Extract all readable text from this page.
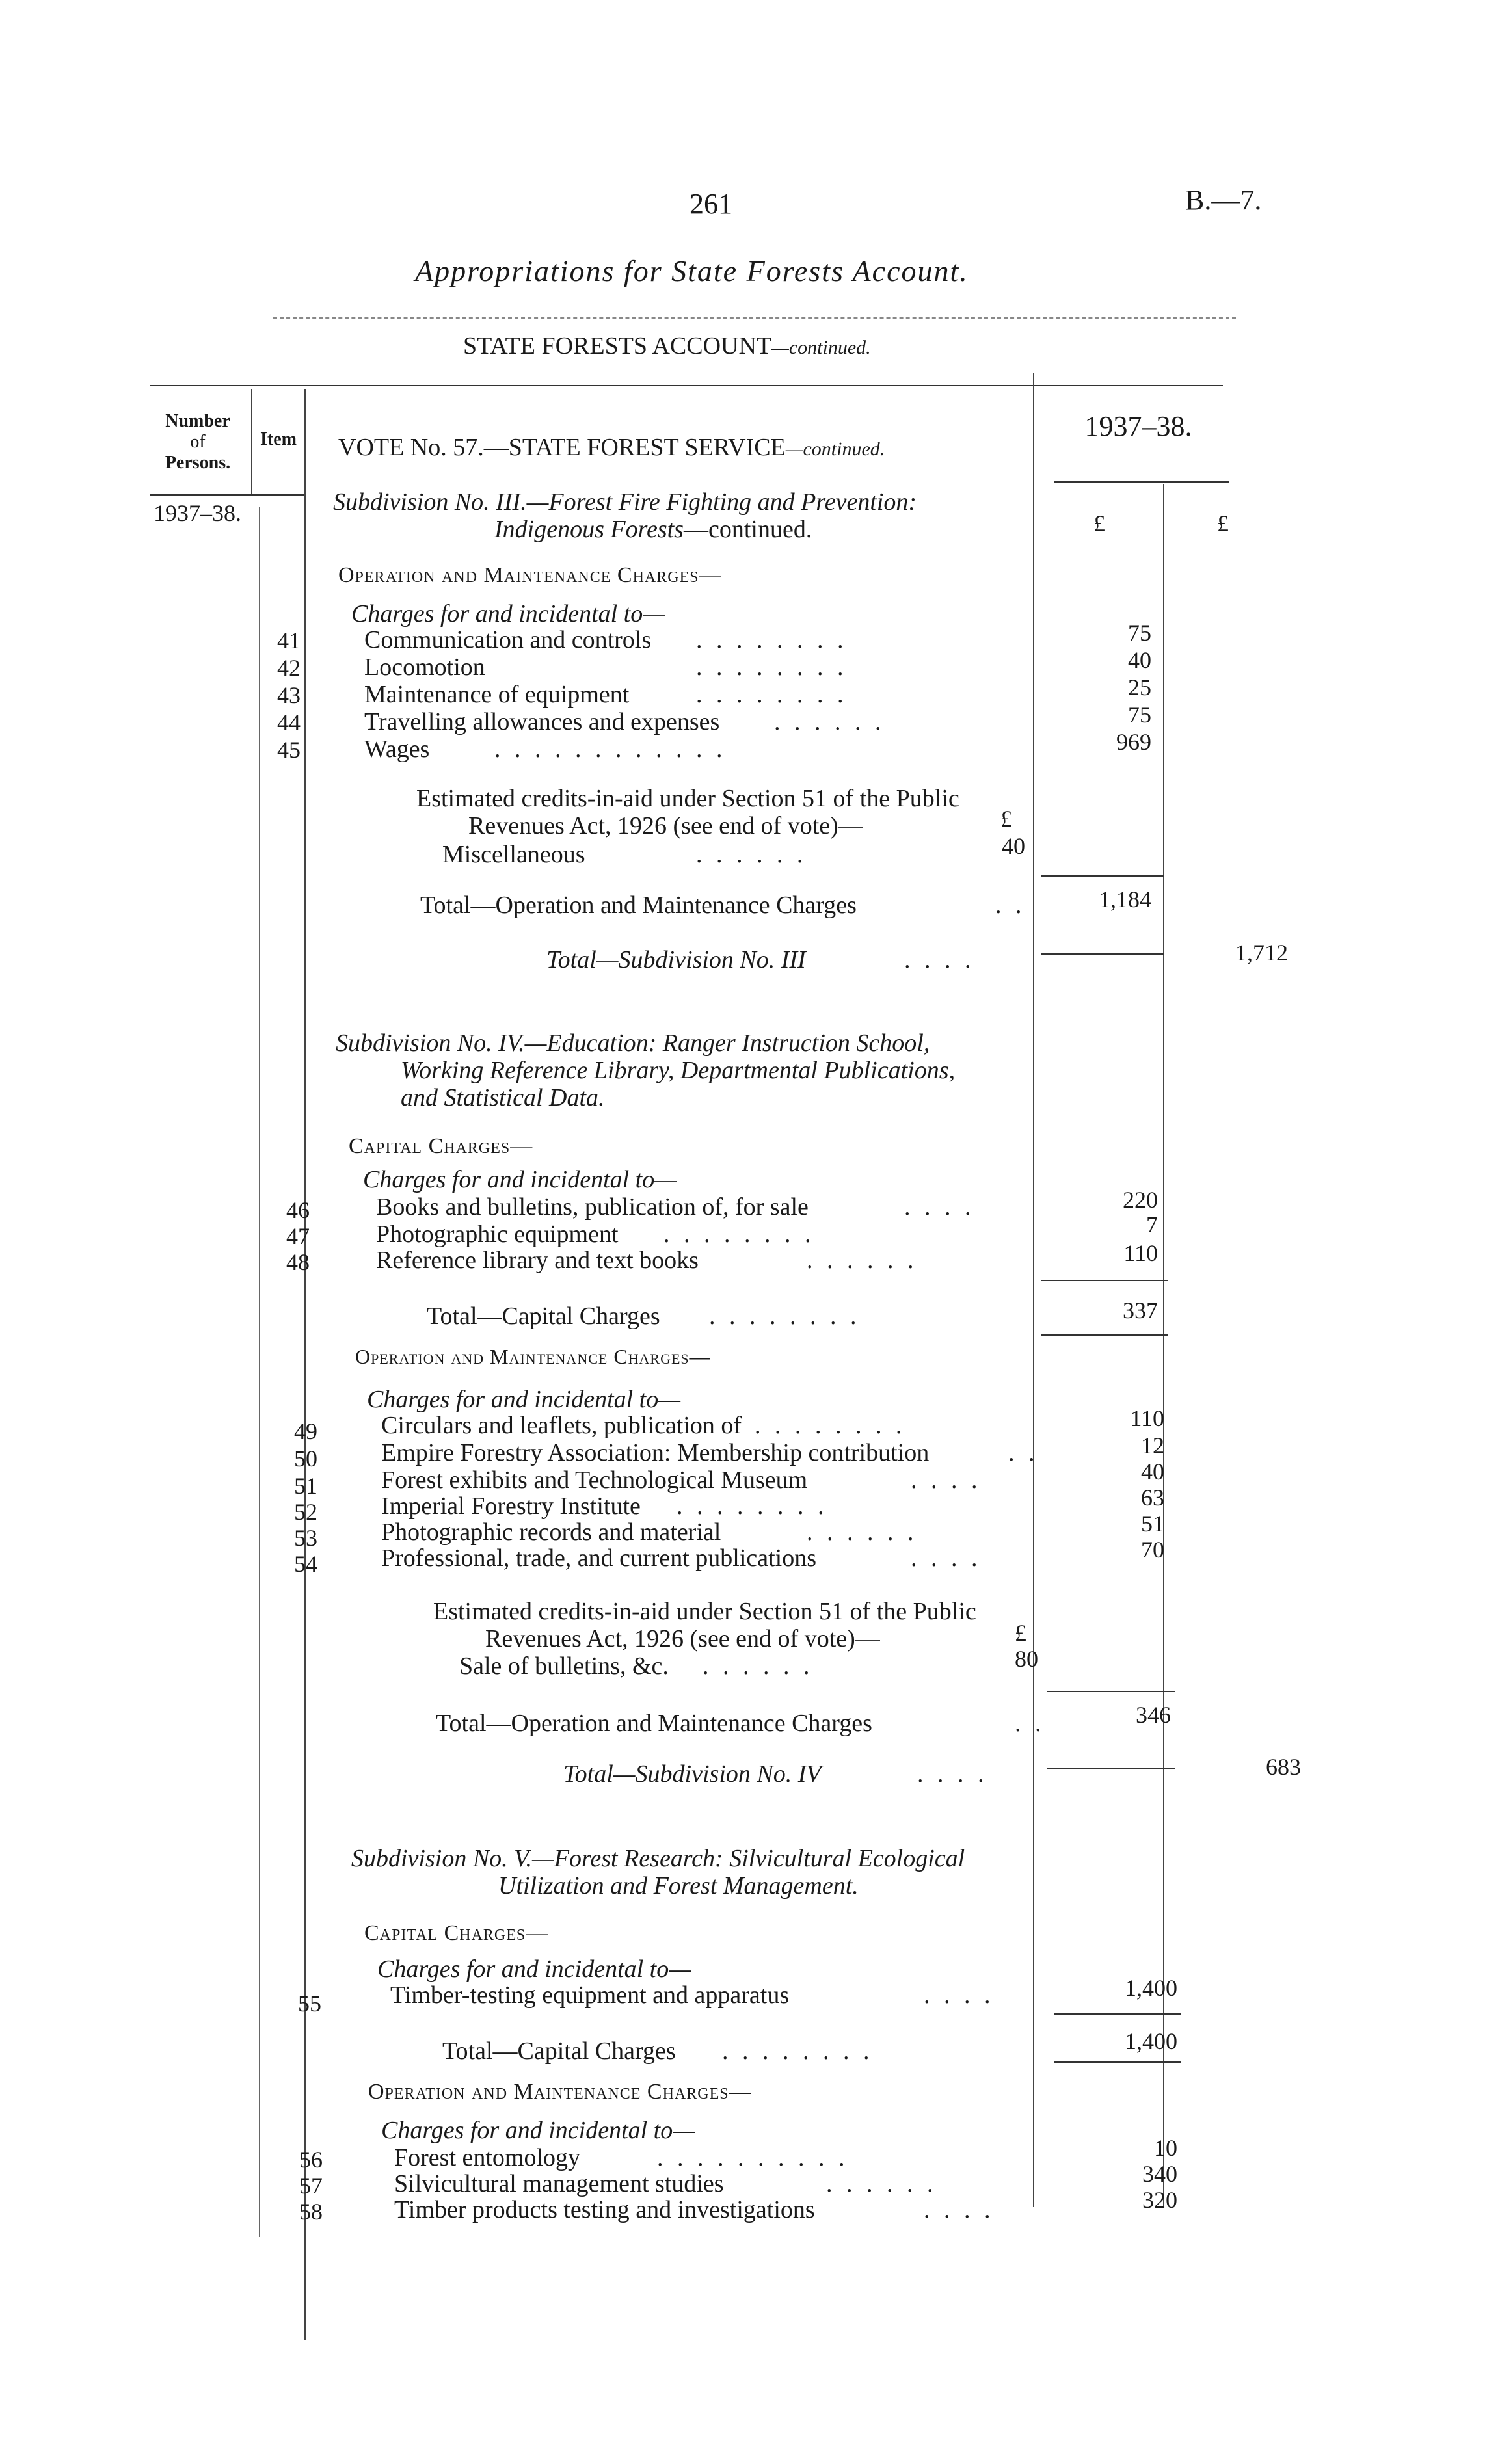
261	B.—7.
Appropriations for State Forests Account.
STATE FORESTS ACCOUNT—continued.
Number
of
Persons.
Item	VOTE No. 57.—STATE FOREST SERVICE—continued.
1937–38.
1937–38.	£	£
Subdivision No. III.—Forest Fire Fighting and Prevention:
Indigenous Forests—continued.
Operation and Maintenance Charges—
Charges for and incidental to—
41	Communication and controls . . . . . . . .	75
42	Locomotion	. . . . . . . .	40
43	Maintenance of equipment	. . . . . . . .	25
44	Travelling allowances and expenses . . . . . .	75
45	Wages	. . . . . . . . . . . .	969
Estimated credits-in-aid under Section 51 of the Public
Revenues Act, 1926 (see end of vote)—	£
Miscellaneous	. . . . . .	40
Total—Operation and Maintenance Charges	. .	1,184
Total—Subdivision No. III	. . . .	1,712
Subdivision No. IV.—Education: Ranger Instruction School,
Working Reference Library, Departmental Publications,
and Statistical Data.
Capital Charges—
Charges for and incidental to—
46	Books and bulletins, publication of, for sale	. . . .	220
47	Photographic equipment . . . . . . . .	7
48	Reference library and text books	. . . . . .	110
Total—Capital Charges . . . . . . . .	337
Operation and Maintenance Charges—
Charges for and incidental to—
49	Circulars and leaflets, publication of . . . . . . . .	110
50	Empire Forestry Association: Membership contribution	. .	12
51	Forest exhibits and Technological Museum	. . . .	40
52	Imperial Forestry Institute . . . . . . . .	63
53	Photographic records and material	. . . . . .	51
54	Professional, trade, and current publications	. . . .	70
Estimated credits-in-aid under Section 51 of the Public
Revenues Act, 1926 (see end of vote)—	£
Sale of bulletins, &c. . . . . . .	80
Total—Operation and Maintenance Charges	. .	346
Total—Subdivision No. IV	. . . .	683
Subdivision No. V.—Forest Research: Silvicultural Ecological
Utilization and Forest Management.
Capital Charges—
Charges for and incidental to—
55	Timber-testing equipment and apparatus	. . . .	1,400
Total—Capital Charges . . . . . . . .	1,400
Operation and Maintenance Charges—
Charges for and incidental to—
56	Forest entomology	. . . . . . . . . .	10
57	Silvicultural management studies	. . . . . .	340
58	Timber products testing and investigations	. . . .	320
